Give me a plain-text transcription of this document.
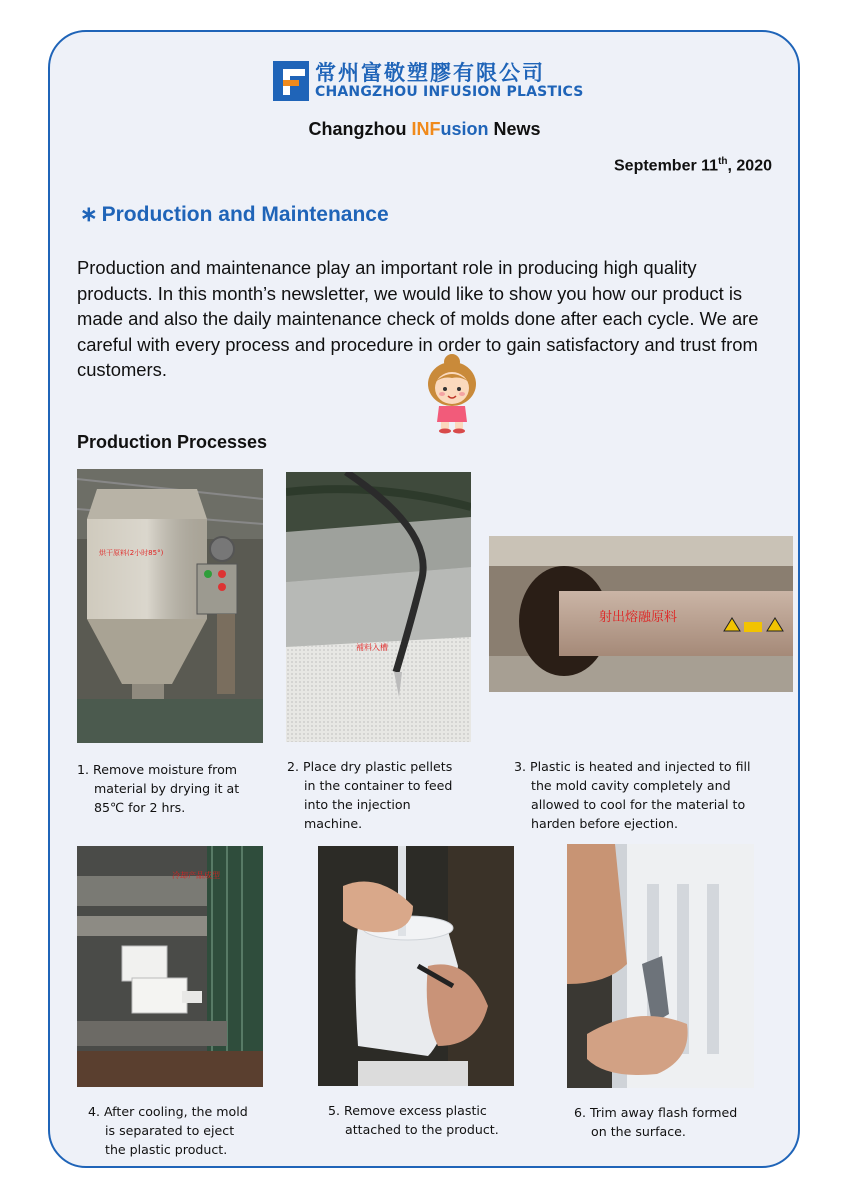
常州富敬塑膠有限公司
CHANGZHOU INFUSION PLASTICS
Changzhou INFusion News
September 11th, 2020
∗ Production and Maintenance
Production and maintenance play an important role in producing high quality products. In this month’s newsletter, we would like to show you how our product is made and also the daily maintenance check of molds done after each cycle. We are careful with every process and procedure in order to gain satisfactory and trust from customers.
Production Processes
烘干原料(2小时85°)
補料入槽
射出熔融原料
1. Remove moisture from
material by drying it at
85℃ for 2 hrs.
2. Place dry plastic pellets
in the container to feed
into the injection
machine.
3. Plastic is heated and injected to fill
the mold cavity completely and
allowed to cool for the material to
harden before ejection.
冷却产品成型
4. After cooling, the mold
is separated to eject
the plastic product.
5. Remove excess plastic
attached to the product.
6. Trim away flash formed
on the surface.
